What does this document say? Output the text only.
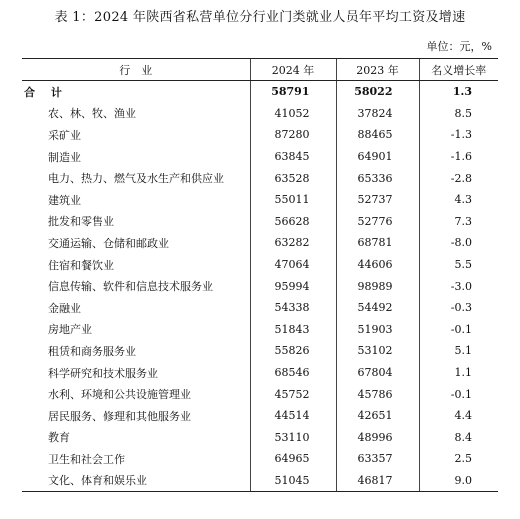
表 1：2024 年陕西省私营单位分行业门类就业人员年平均工资及增速
单位：元，%
行　业	2024 年	2023 年	名义增长率
合 计	58791	58022	1.3
农、林、牧、渔业	41052	37824	8.5
采矿业	87280	88465	-1.3
制造业	63845	64901	-1.6
电力、热力、燃气及水生产和供应业	63528	65336	-2.8
建筑业	55011	52737	4.3
批发和零售业	56628	52776	7.3
交通运输、仓储和邮政业	63282	68781	-8.0
住宿和餐饮业	47064	44606	5.5
信息传输、软件和信息技术服务业	95994	98989	-3.0
金融业	54338	54492	-0.3
房地产业	51843	51903	-0.1
租赁和商务服务业	55826	53102	5.1
科学研究和技术服务业	68546	67804	1.1
水利、环境和公共设施管理业	45752	45786	-0.1
居民服务、修理和其他服务业	44514	42651	4.4
教育	53110	48996	8.4
卫生和社会工作	64965	63357	2.5
文化、体育和娱乐业	51045	46817	9.0
